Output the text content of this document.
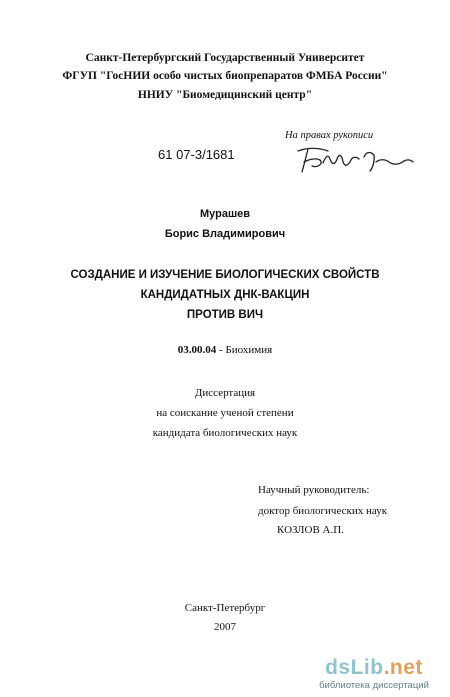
Санкт-Петербургский Государственный Университет
ФГУП "ГосНИИ особо чистых биопрепаратов ФМБА России"
ННИУ "Биомедицинский центр"
На правах рукописи
61 07-3/1681
Мурашев
Борис Владимирович
СОЗДАНИЕ И ИЗУЧЕНИЕ БИОЛОГИЧЕСКИХ СВОЙСТВ
КАНДИДАТНЫХ ДНК-ВАКЦИН
ПРОТИВ ВИЧ
03.00.04 - Биохимия
Диссертация
на соискание ученой степени
кандидата биологических наук
Научный руководитель:
доктор биологических наук
КОЗЛОВ А.П.
Санкт-Петербург
2007
dsLib.net
библиотека диссертаций
